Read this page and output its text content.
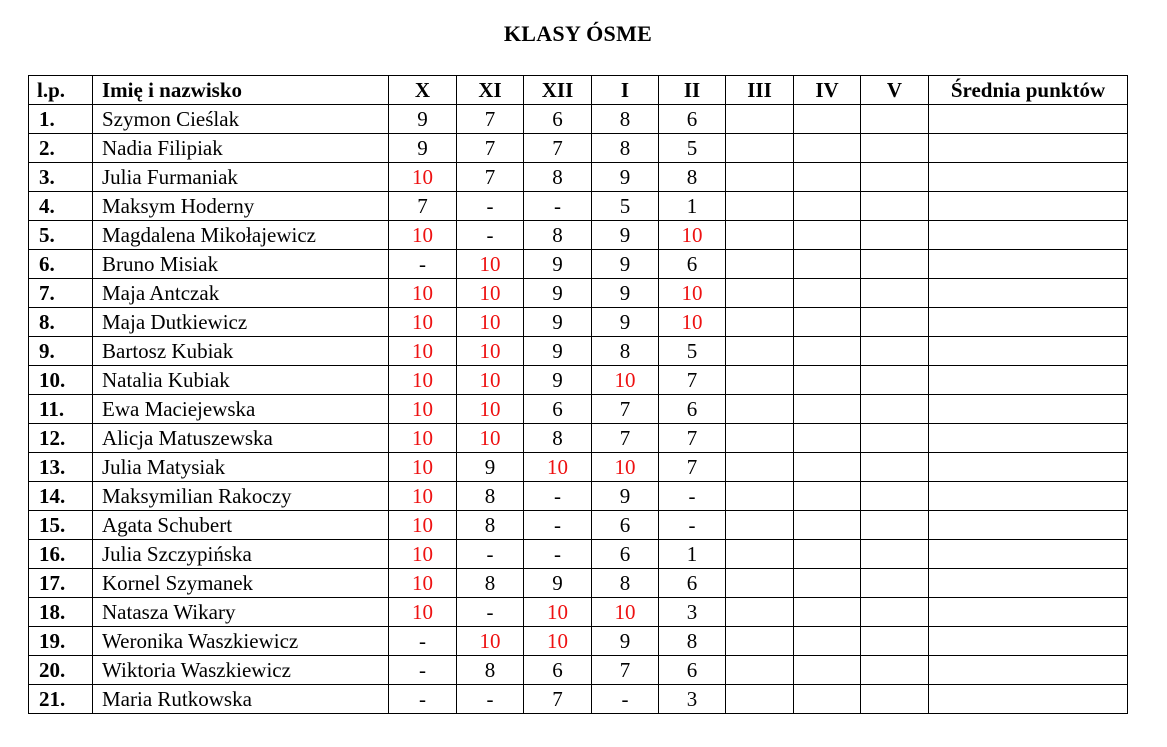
KLASY ÓSME
l.p.	Imię i nazwisko	X	XI	XII	I	II	III	IV	V	Średnia punktów
1.	Szymon Cieślak	9	7	6	8	6				
2.	Nadia Filipiak	9	7	7	8	5				
3.	Julia Furmaniak	10	7	8	9	8				
4.	Maksym Hoderny	7	-	-	5	1				
5.	Magdalena Mikołajewicz	10	-	8	9	10				
6.	Bruno Misiak	-	10	9	9	6				
7.	Maja Antczak	10	10	9	9	10				
8.	Maja Dutkiewicz	10	10	9	9	10				
9.	Bartosz Kubiak	10	10	9	8	5				
10.	Natalia Kubiak	10	10	9	10	7				
11.	Ewa Maciejewska	10	10	6	7	6				
12.	Alicja Matuszewska	10	10	8	7	7				
13.	Julia Matysiak	10	9	10	10	7				
14.	Maksymilian Rakoczy	10	8	-	9	-				
15.	Agata Schubert	10	8	-	6	-				
16.	Julia Szczypińska	10	-	-	6	1				
17.	Kornel Szymanek	10	8	9	8	6				
18.	Natasza Wikary	10	-	10	10	3				
19.	Weronika Waszkiewicz	-	10	10	9	8				
20.	Wiktoria Waszkiewicz	-	8	6	7	6				
21.	Maria Rutkowska	-	-	7	-	3				
